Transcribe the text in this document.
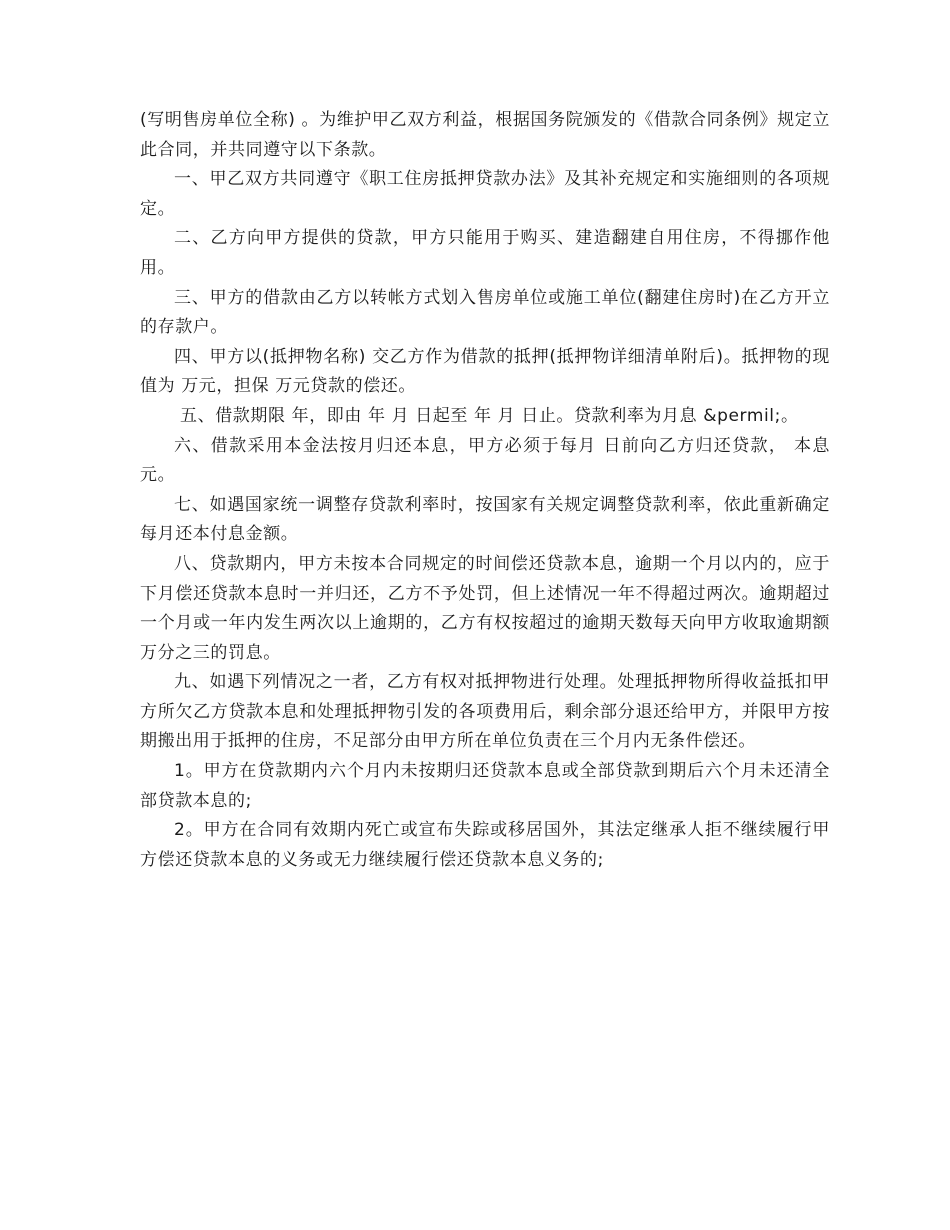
(写明售房单位全称) 。为维护甲乙双方利益，根据国务院颁发的《借款合同条例》规定立此合同，并共同遵守以下条款。

一、甲乙双方共同遵守《职工住房抵押贷款办法》及其补充规定和实施细则的各项规定。

二、乙方向甲方提供的贷款，甲方只能用于购买、建造翻建自用住房，不得挪作他用。

三、甲方的借款由乙方以转帐方式划入售房单位或施工单位(翻建住房时)在乙方开立的存款户。

四、甲方以(抵押物名称) 交乙方作为借款的抵押(抵押物详细清单附后)。抵押物的现值为 万元，担保 万元贷款的偿还。

五、借款期限 年，即由 年 月 日起至 年 月 日止。贷款利率为月息 &permil;。

六、借款采用本金法按月归还本息，甲方必须于每月 日前向乙方归还贷款， 本息 元。

七、如遇国家统一调整存贷款利率时，按国家有关规定调整贷款利率，依此重新确定每月还本付息金额。

八、贷款期内，甲方未按本合同规定的时间偿还贷款本息，逾期一个月以内的，应于下月偿还贷款本息时一并归还，乙方不予处罚，但上述情况一年不得超过两次。逾期超过一个月或一年内发生两次以上逾期的，乙方有权按超过的逾期天数每天向甲方收取逾期额万分之三的罚息。

九、如遇下列情况之一者，乙方有权对抵押物进行处理。处理抵押物所得收益抵扣甲方所欠乙方贷款本息和处理抵押物引发的各项费用后，剩余部分退还给甲方，并限甲方按期搬出用于抵押的住房，不足部分由甲方所在单位负责在三个月内无条件偿还。

1。甲方在贷款期内六个月内未按期归还贷款本息或全部贷款到期后六个月未还清全部贷款本息的;

2。甲方在合同有效期内死亡或宣布失踪或移居国外，其法定继承人拒不继续履行甲方偿还贷款本息的义务或无力继续履行偿还贷款本息义务的;
